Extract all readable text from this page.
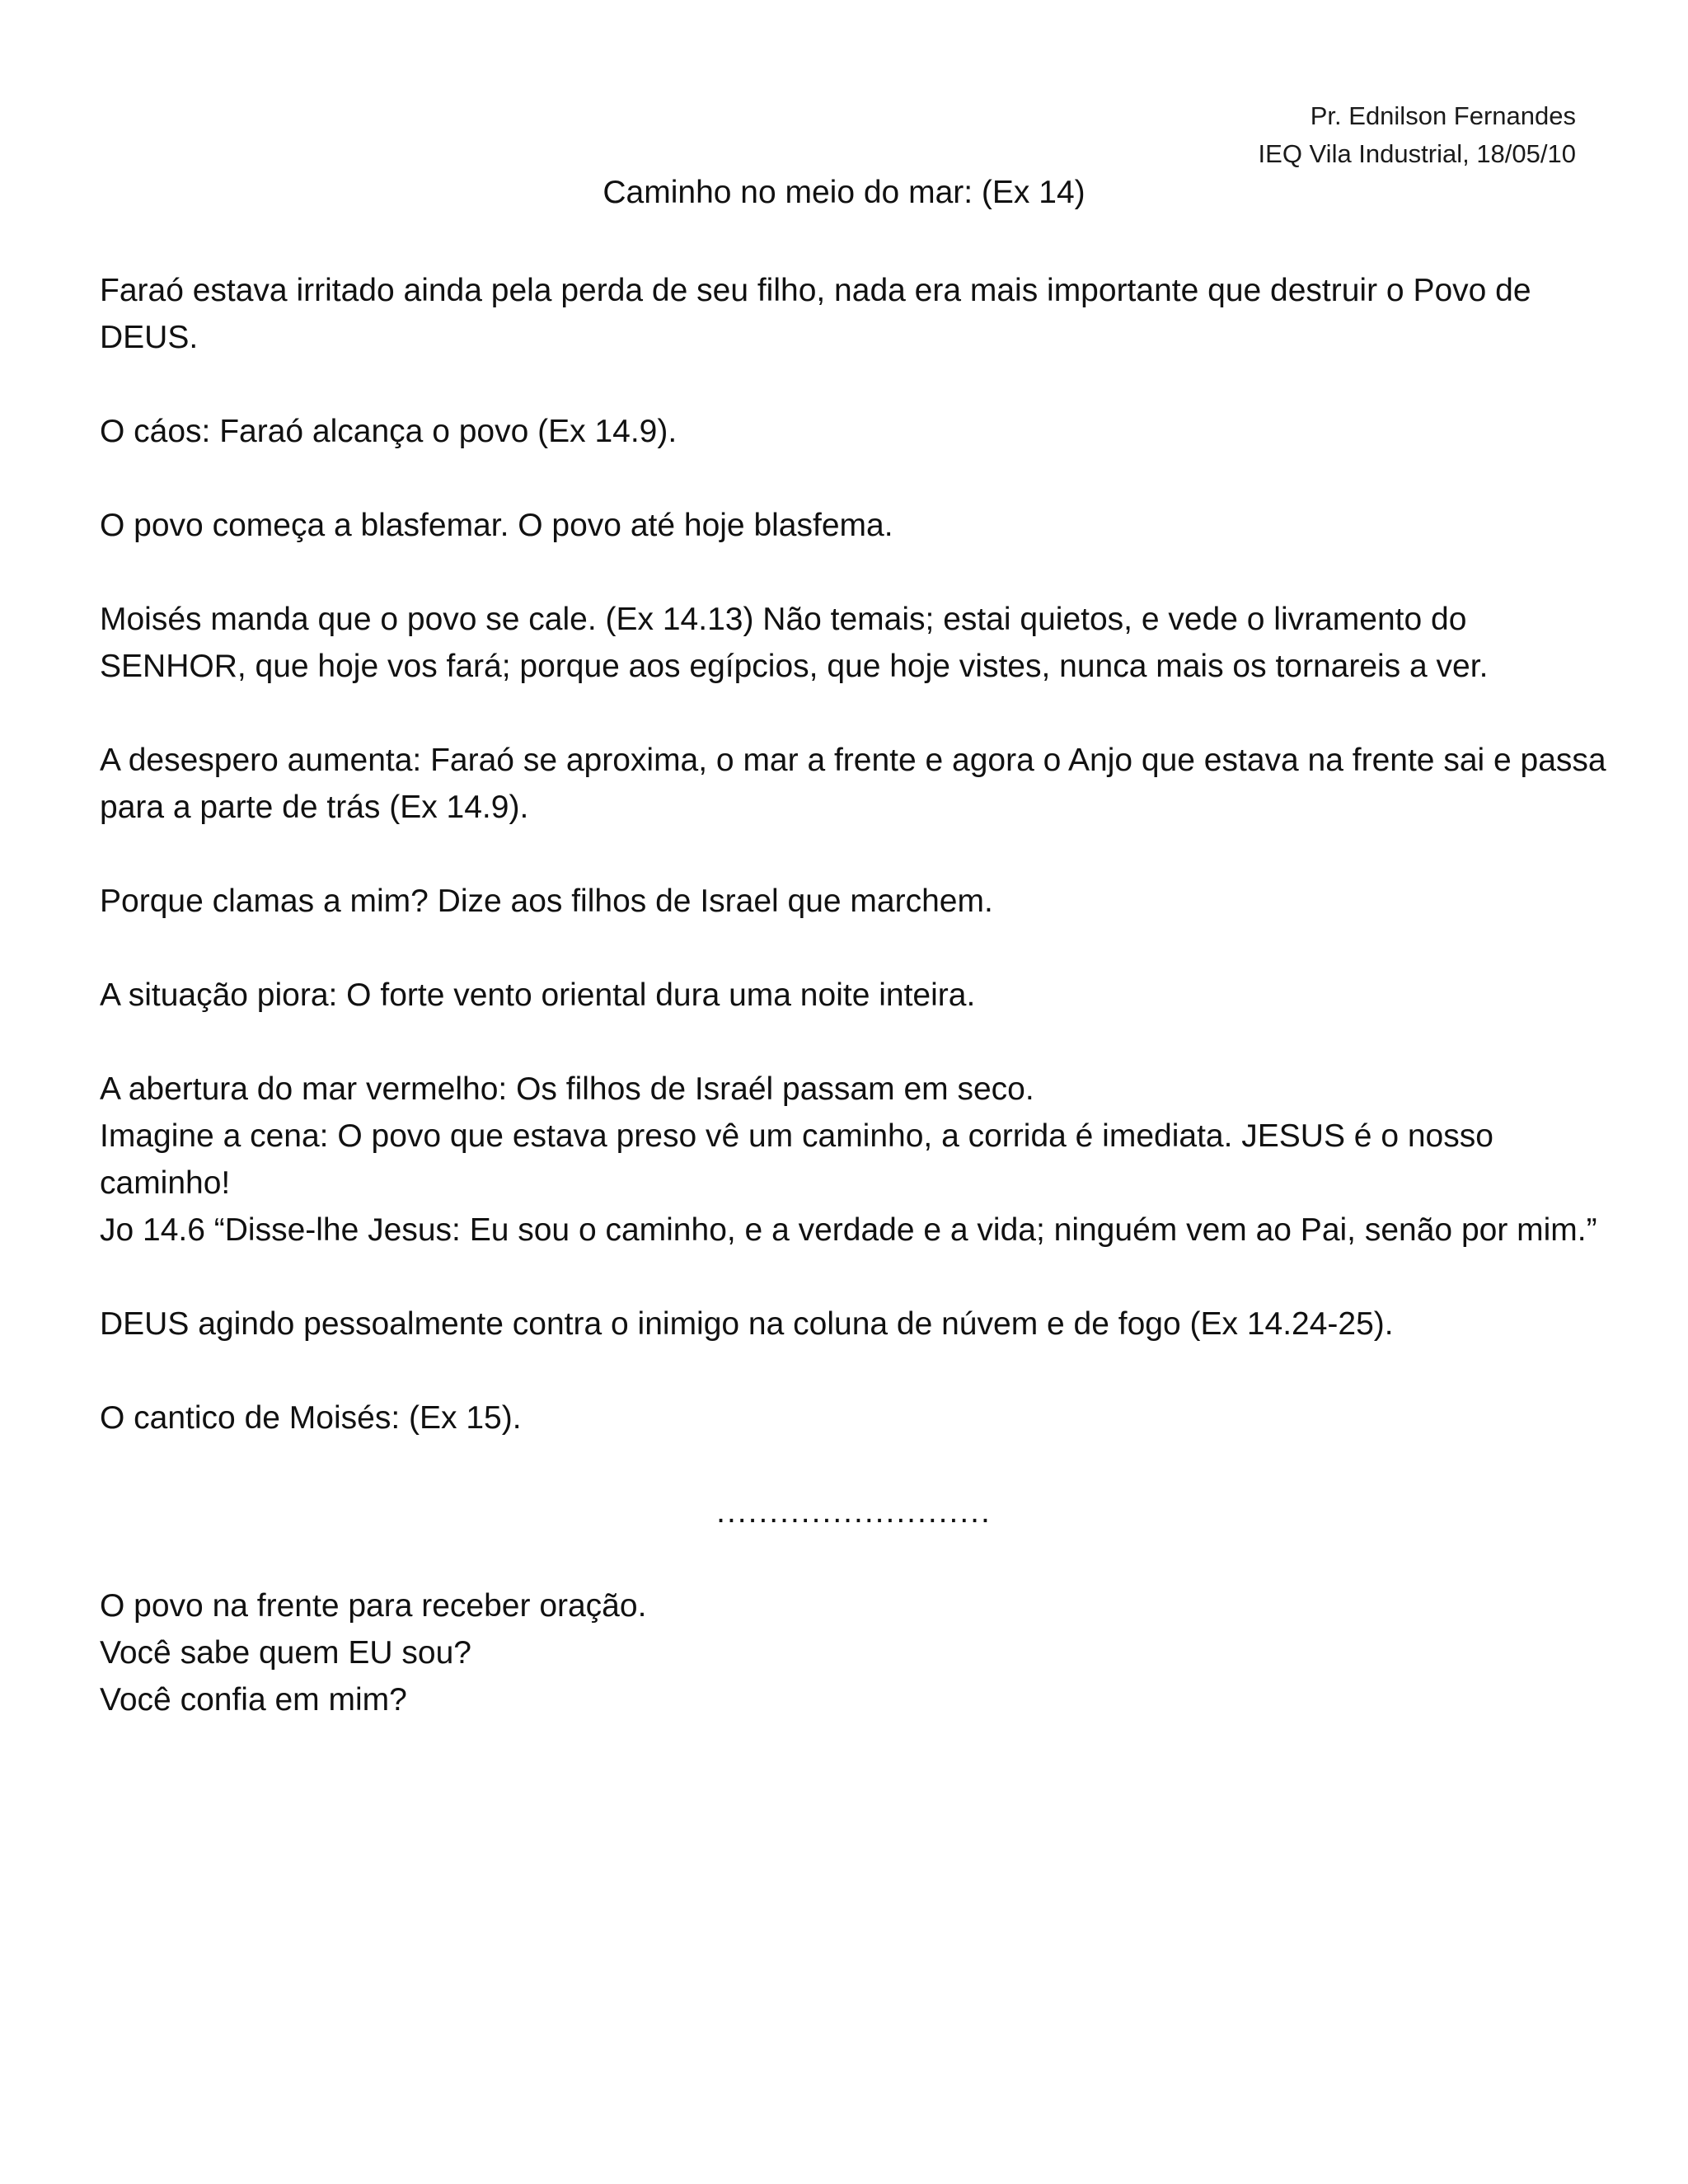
Pr. Ednilson Fernandes
IEQ Vila Industrial, 18/05/10
Caminho no meio do mar: (Ex 14)

Faraó estava irritado ainda pela perda de seu filho, nada era mais importante que destruir o Povo de DEUS.

O cáos: Faraó alcança o povo (Ex 14.9).

O povo começa a blasfemar. O povo até hoje blasfema.

Moisés manda que o povo se cale. (Ex 14.13) Não temais; estai quietos, e vede o livramento do SENHOR, que hoje vos fará; porque aos egípcios, que hoje vistes, nunca mais os tornareis a ver.

A desespero aumenta: Faraó se aproxima, o mar a frente e agora o Anjo que estava na frente sai e passa para a parte de trás (Ex 14.9).

Porque clamas a mim? Dize aos filhos de Israel que marchem.

A situação piora: O forte vento oriental dura uma noite inteira.

A abertura do mar vermelho: Os filhos de Israél passam em seco.

Imagine a cena: O povo que estava preso vê um caminho, a corrida é imediata. JESUS é o nosso caminho!

Jo 14.6 “Disse-lhe Jesus: Eu sou o caminho, e a verdade e a vida; ninguém vem ao Pai, senão por mim.”

DEUS agindo pessoalmente contra o inimigo na coluna de núvem e de fogo (Ex 14.24-25).

O cantico de Moisés: (Ex 15).

..........................

O povo na frente para receber oração.

Você sabe quem EU sou?

Você confia em mim?
